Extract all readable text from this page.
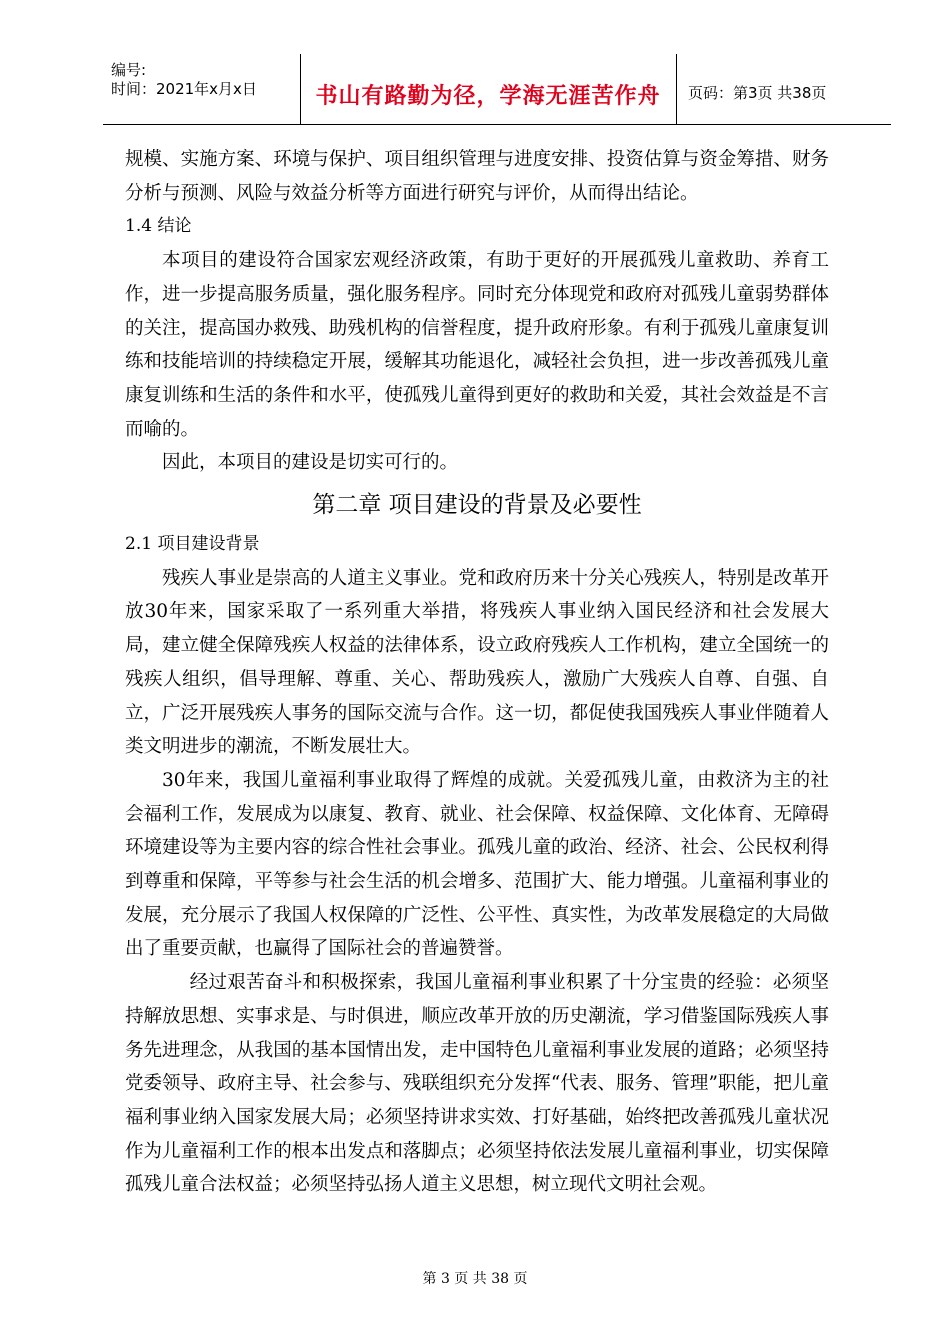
编号:
时间：2021年x月x日	书山有路勤为径，学海无涯苦作舟	页码：第3页 共38页

规模、实施方案、环境与保护、项目组织管理与进度安排、投资估算与资金筹措、财务分析与预测、风险与效益分析等方面进行研究与评价，从而得出结论。

1.4 结论

本项目的建设符合国家宏观经济政策，有助于更好的开展孤残儿童救助、养育工作，进一步提高服务质量，强化服务程序。同时充分体现党和政府对孤残儿童弱势群体的关注，提高国办救残、助残机构的信誉程度，提升政府形象。有利于孤残儿童康复训练和技能培训的持续稳定开展，缓解其功能退化，减轻社会负担，进一步改善孤残儿童康复训练和生活的条件和水平，使孤残儿童得到更好的救助和关爱，其社会效益是不言而喻的。

因此，本项目的建设是切实可行的。

第二章 项目建设的背景及必要性

2.1 项目建设背景

残疾人事业是崇高的人道主义事业。党和政府历来十分关心残疾人，特别是改革开放30年来，国家采取了一系列重大举措，将残疾人事业纳入国民经济和社会发展大局，建立健全保障残疾人权益的法律体系，设立政府残疾人工作机构，建立全国统一的残疾人组织，倡导理解、尊重、关心、帮助残疾人，激励广大残疾人自尊、自强、自立，广泛开展残疾人事务的国际交流与合作。这一切，都促使我国残疾人事业伴随着人类文明进步的潮流，不断发展壮大。

30年来，我国儿童福利事业取得了辉煌的成就。关爱孤残儿童，由救济为主的社会福利工作，发展成为以康复、教育、就业、社会保障、权益保障、文化体育、无障碍环境建设等为主要内容的综合性社会事业。孤残儿童的政治、经济、社会、公民权利得到尊重和保障，平等参与社会生活的机会增多、范围扩大、能力增强。儿童福利事业的发展，充分展示了我国人权保障的广泛性、公平性、真实性，为改革发展稳定的大局做出了重要贡献，也赢得了国际社会的普遍赞誉。

经过艰苦奋斗和积极探索，我国儿童福利事业积累了十分宝贵的经验：必须坚持解放思想、实事求是、与时俱进，顺应改革开放的历史潮流，学习借鉴国际残疾人事务先进理念，从我国的基本国情出发，走中国特色儿童福利事业发展的道路；必须坚持党委领导、政府主导、社会参与、残联组织充分发挥“代表、服务、管理”职能，把儿童福利事业纳入国家发展大局；必须坚持讲求实效、打好基础，始终把改善孤残儿童状况作为儿童福利工作的根本出发点和落脚点；必须坚持依法发展儿童福利事业，切实保障孤残儿童合法权益；必须坚持弘扬人道主义思想，树立现代文明社会观。

第 3 页 共 38 页
